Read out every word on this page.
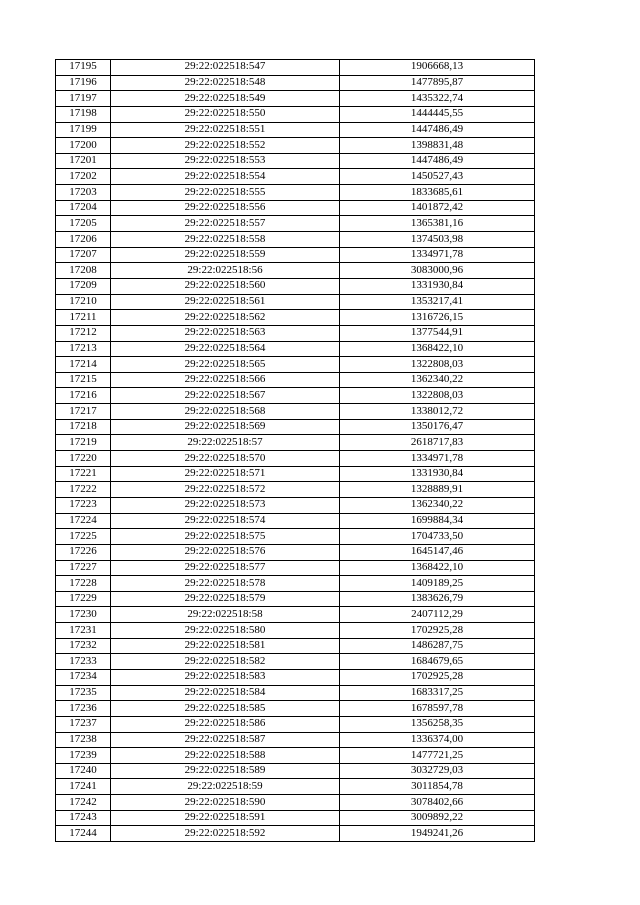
17195	29:22:022518:547	1906668,13
17196	29:22:022518:548	1477895,87
17197	29:22:022518:549	1435322,74
17198	29:22:022518:550	1444445,55
17199	29:22:022518:551	1447486,49
17200	29:22:022518:552	1398831,48
17201	29:22:022518:553	1447486,49
17202	29:22:022518:554	1450527,43
17203	29:22:022518:555	1833685,61
17204	29:22:022518:556	1401872,42
17205	29:22:022518:557	1365381,16
17206	29:22:022518:558	1374503,98
17207	29:22:022518:559	1334971,78
17208	29:22:022518:56	3083000,96
17209	29:22:022518:560	1331930,84
17210	29:22:022518:561	1353217,41
17211	29:22:022518:562	1316726,15
17212	29:22:022518:563	1377544,91
17213	29:22:022518:564	1368422,10
17214	29:22:022518:565	1322808,03
17215	29:22:022518:566	1362340,22
17216	29:22:022518:567	1322808,03
17217	29:22:022518:568	1338012,72
17218	29:22:022518:569	1350176,47
17219	29:22:022518:57	2618717,83
17220	29:22:022518:570	1334971,78
17221	29:22:022518:571	1331930,84
17222	29:22:022518:572	1328889,91
17223	29:22:022518:573	1362340,22
17224	29:22:022518:574	1699884,34
17225	29:22:022518:575	1704733,50
17226	29:22:022518:576	1645147,46
17227	29:22:022518:577	1368422,10
17228	29:22:022518:578	1409189,25
17229	29:22:022518:579	1383626,79
17230	29:22:022518:58	2407112,29
17231	29:22:022518:580	1702925,28
17232	29:22:022518:581	1486287,75
17233	29:22:022518:582	1684679,65
17234	29:22:022518:583	1702925,28
17235	29:22:022518:584	1683317,25
17236	29:22:022518:585	1678597,78
17237	29:22:022518:586	1356258,35
17238	29:22:022518:587	1336374,00
17239	29:22:022518:588	1477721,25
17240	29:22:022518:589	3032729,03
17241	29:22:022518:59	3011854,78
17242	29:22:022518:590	3078402,66
17243	29:22:022518:591	3009892,22
17244	29:22:022518:592	1949241,26
